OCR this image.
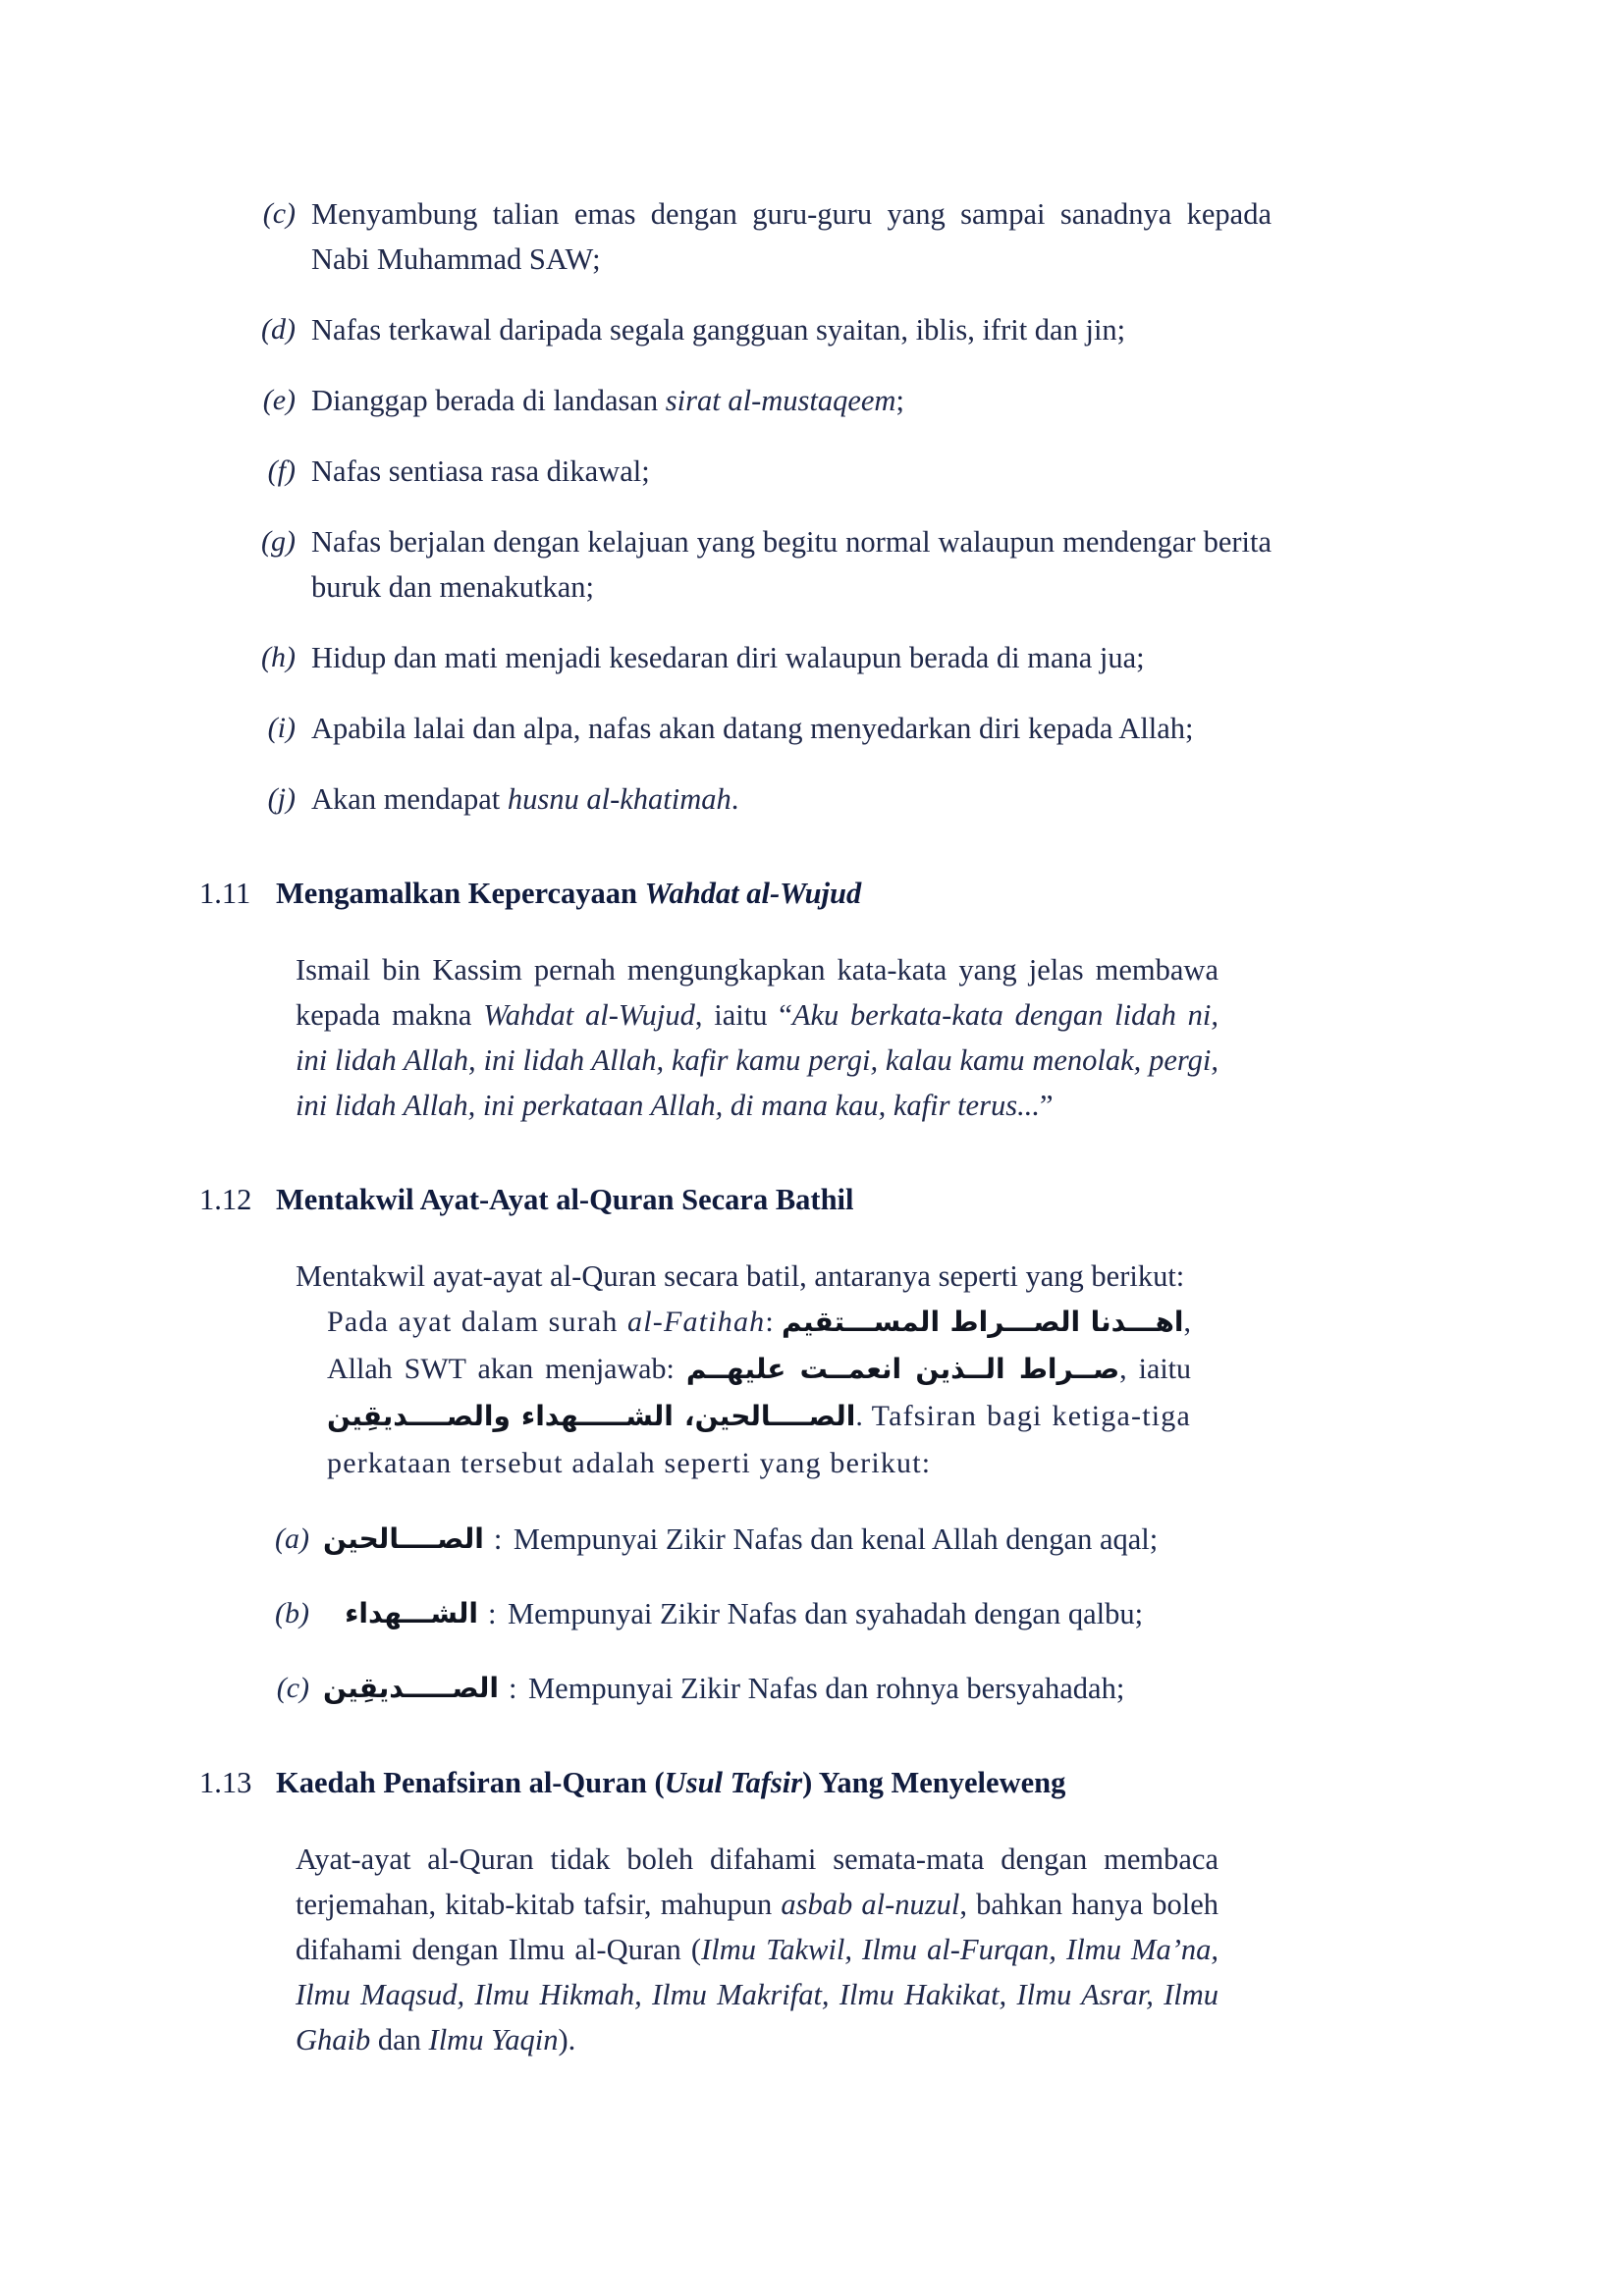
(c) Menyambung talian emas dengan guru-guru yang sampai sanadnya kepada Nabi Muhammad SAW;
(d) Nafas terkawal daripada segala gangguan syaitan, iblis, ifrit dan jin;
(e) Dianggap berada di landasan sirat al-mustaqeem;
(f) Nafas sentiasa rasa dikawal;
(g) Nafas berjalan dengan kelajuan yang begitu normal walaupun mendengar berita buruk dan menakutkan;
(h) Hidup dan mati menjadi kesedaran diri walaupun berada di mana jua;
(i) Apabila lalai dan alpa, nafas akan datang menyedarkan diri kepada Allah;
(j) Akan mendapat husnu al-khatimah.
1.11 Mengamalkan Kepercayaan Wahdat al-Wujud

Ismail bin Kassim pernah mengungkapkan kata-kata yang jelas membawa kepada makna Wahdat al-Wujud, iaitu “Aku berkata-kata dengan lidah ni, ini lidah Allah, ini lidah Allah, kafir kamu pergi, kalau kamu menolak, pergi, ini lidah Allah, ini perkataan Allah, di mana kau, kafir terus...”

1.12 Mentakwil Ayat-Ayat al-Quran Secara Bathil

Mentakwil ayat-ayat al-Quran secara batil, antaranya seperti yang berikut:

Pada ayat dalam surah al-Fatihah: اهـــدنا الصـــراط المســـتقيم, Allah SWT akan menjawab: صــراط الــذين انعمــت عليهــم, iaitu الصــــالحين، الشـــــهداء والصــــديقِين. Tafsiran bagi ketiga-tiga perkataan tersebut adalah seperti yang berikut:
(a) الصــــالحين : Mempunyai Zikir Nafas dan kenal Allah dengan aqal;
(b)	الشـــهداء : Mempunyai Zikir Nafas dan syahadah dengan qalbu;
(c) الصـــــديقِين : Mempunyai Zikir Nafas dan rohnya bersyahadah;
1.13 Kaedah Penafsiran al-Quran (Usul Tafsir) Yang Menyeleweng

Ayat-ayat al-Quran tidak boleh difahami semata-mata dengan membaca terjemahan, kitab-kitab tafsir, mahupun asbab al-nuzul, bahkan hanya boleh difahami dengan Ilmu al-Quran (Ilmu Takwil, Ilmu al-Furqan, Ilmu Ma’na, Ilmu Maqsud, Ilmu Hikmah, Ilmu Makrifat, Ilmu Hakikat, Ilmu Asrar, Ilmu Ghaib dan Ilmu Yaqin).
